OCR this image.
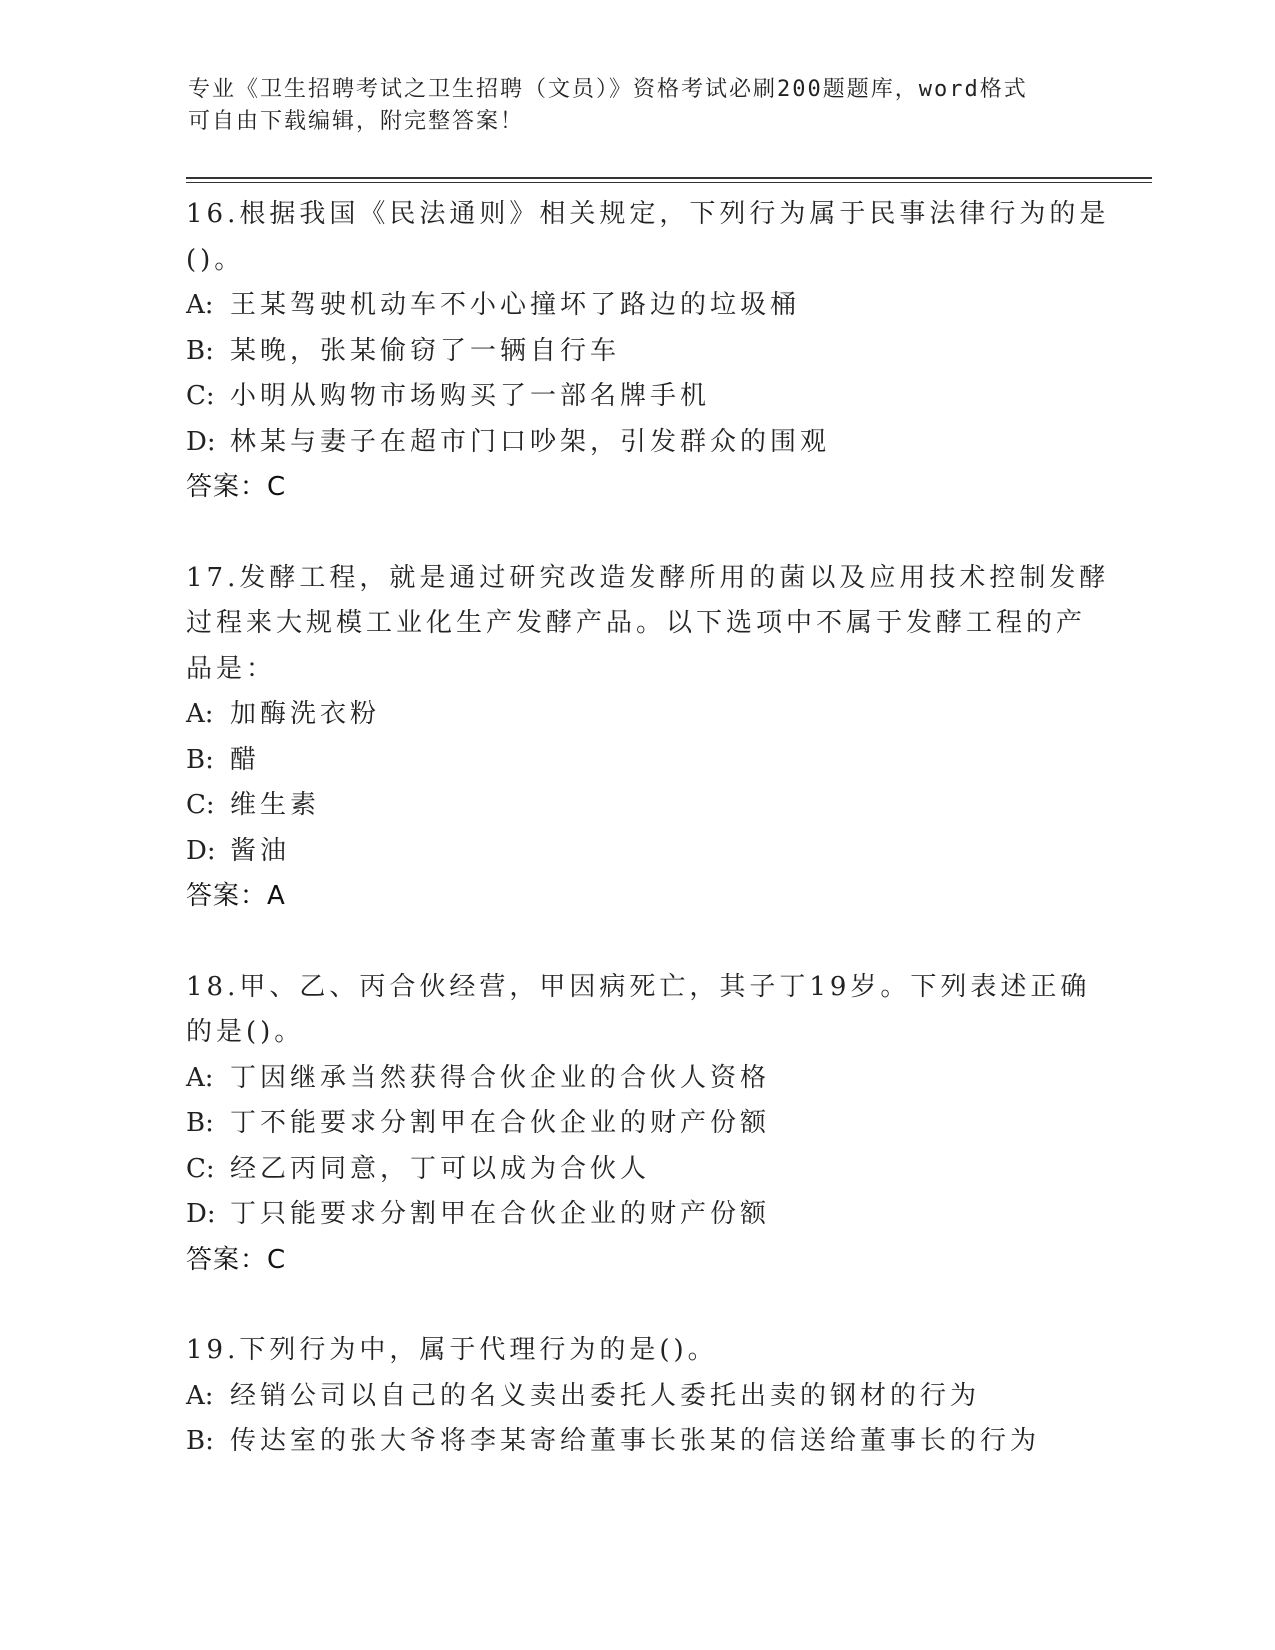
专业《卫生招聘考试之卫生招聘（文员）》资格考试必刷200题题库，word格式
可自由下载编辑，附完整答案！
16.根据我国《民法通则》相关规定，下列行为属于民事法律行为的是
()。
A: 王某驾驶机动车不小心撞坏了路边的垃圾桶
B: 某晚，张某偷窃了一辆自行车
C: 小明从购物市场购买了一部名牌手机
D: 林某与妻子在超市门口吵架，引发群众的围观
答案：C
17.发酵工程，就是通过研究改造发酵所用的菌以及应用技术控制发酵
过程来大规模工业化生产发酵产品。以下选项中不属于发酵工程的产
品是：
A: 加酶洗衣粉
B: 醋
C: 维生素
D: 酱油
答案：A
18.甲、乙、丙合伙经营，甲因病死亡，其子丁19岁。下列表述正确
的是()。
A: 丁因继承当然获得合伙企业的合伙人资格
B: 丁不能要求分割甲在合伙企业的财产份额
C: 经乙丙同意，丁可以成为合伙人
D: 丁只能要求分割甲在合伙企业的财产份额
答案：C
19.下列行为中，属于代理行为的是()。
A: 经销公司以自己的名义卖出委托人委托出卖的钢材的行为
B: 传达室的张大爷将李某寄给董事长张某的信送给董事长的行为
